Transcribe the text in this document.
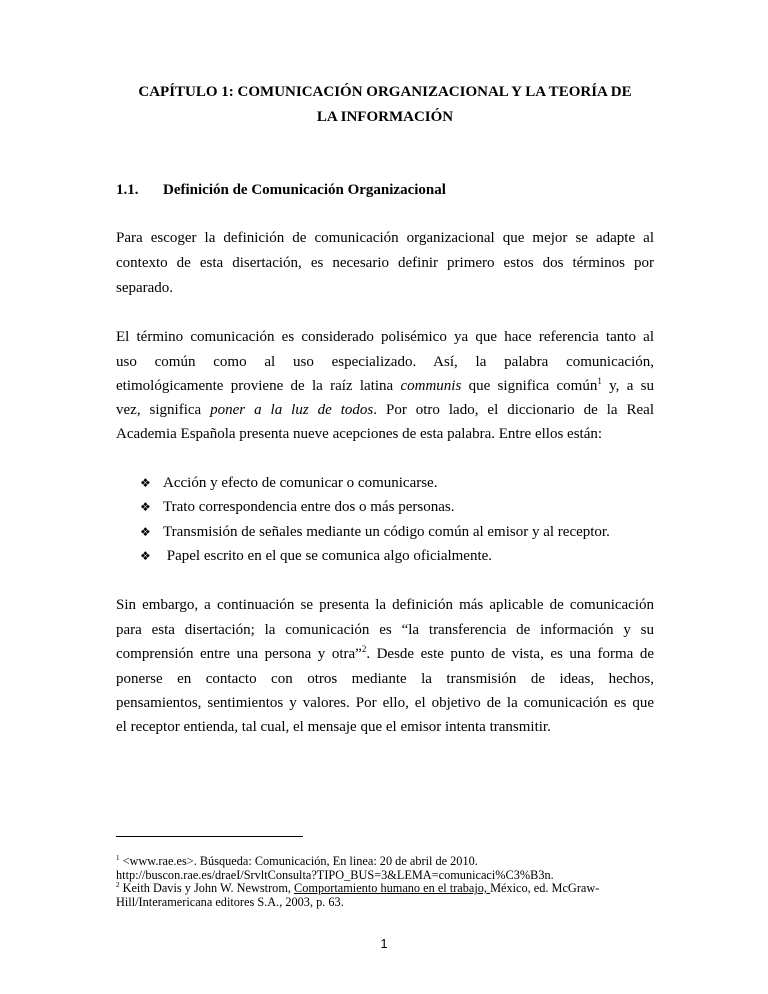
CAPÍTULO 1: COMUNICACIÓN ORGANIZACIONAL Y LA TEORÍA DE
LA INFORMACIÓN
1.1. Definición de Comunicación Organizacional
Para escoger la definición de comunicación organizacional que mejor se adapte al
contexto de esta disertación, es necesario definir primero estos dos términos por
separado.
El término comunicación es considerado polisémico ya que hace referencia tanto al
uso común como al uso especializado. Así, la palabra comunicación,
etimológicamente proviene de la raíz latina communis que significa común$^1$ y, a su
vez, significa poner a la luz de todos. Por otro lado, el diccionario de la Real
Academia Española presenta nueve acepciones de esta palabra. Entre ellos están:
❖ Acción y efecto de comunicar o comunicarse.
❖ Trato correspondencia entre dos o más personas.
❖ Transmisión de señales mediante un código común al emisor y al receptor.
❖ Papel escrito en el que se comunica algo oficialmente.
Sin embargo, a continuación se presenta la definición más aplicable de comunicación
para esta disertación; la comunicación es “la transferencia de información y su
comprensión entre una persona y otra”$^2$. Desde este punto de vista, es una forma de
ponerse en contacto con otros mediante la transmisión de ideas, hechos,
pensamientos, sentimientos y valores. Por ello, el objetivo de la comunicación es que
el receptor entienda, tal cual, el mensaje que el emisor intenta transmitir.
$^1$ <www.rae.es>. Búsqueda: Comunicación, En linea: 20 de abril de 2010.
http://buscon.rae.es/draeI/SrvltConsulta?TIPO_BUS=3&LEMA=comunicaci%C3%B3n.
$^2$ Keith Davis y John W. Newstrom, Comportamiento humano en el trabajo, México, ed. McGraw-
Hill/Interamericana editores S.A., 2003, p. 63.
1
